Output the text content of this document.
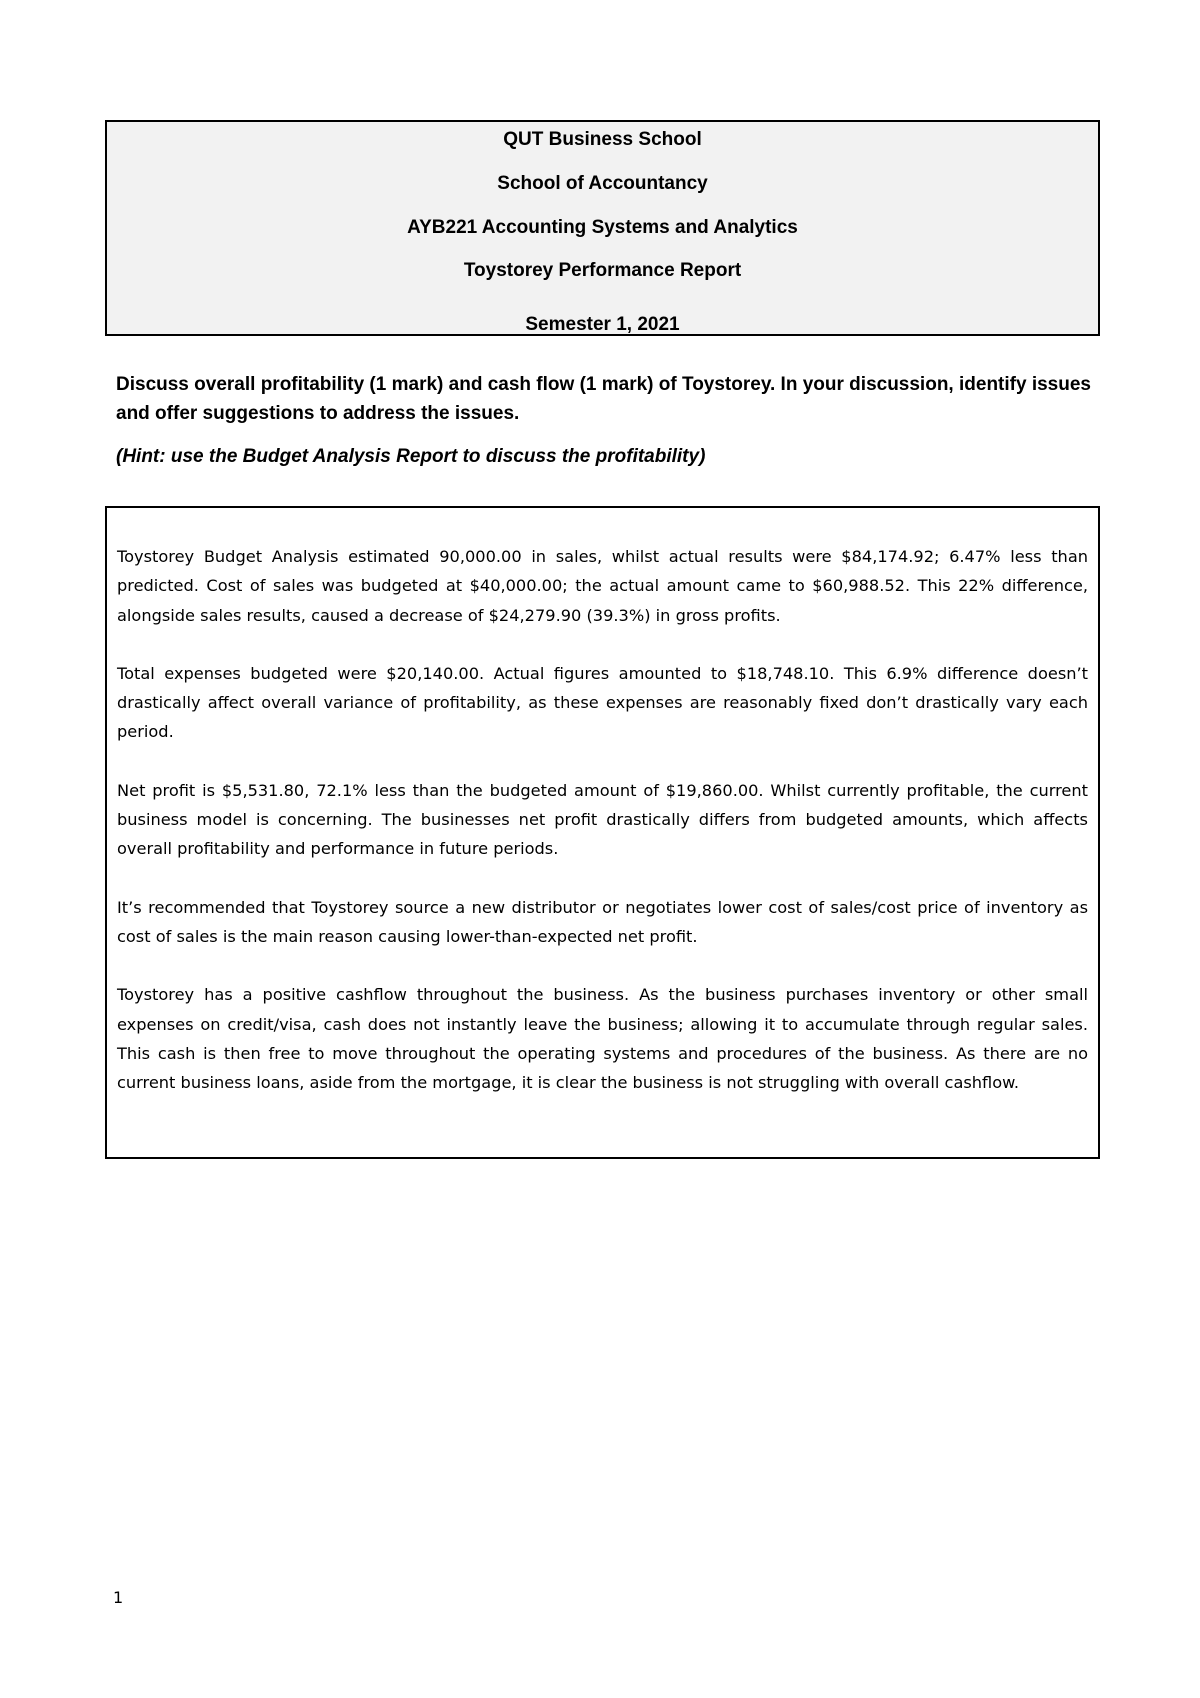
QUT Business School
School of Accountancy
AYB221 Accounting Systems and Analytics
Toystorey Performance Report
Semester 1, 2021

Discuss overall profitability (1 mark) and cash flow (1 mark) of Toystorey. In your discussion, identify issues and offer suggestions to address the issues.

(Hint: use the Budget Analysis Report to discuss the profitability)

Toystorey Budget Analysis estimated 90,000.00 in sales, whilst actual results were $84,174.92; 6.47% less than predicted. Cost of sales was budgeted at $40,000.00; the actual amount came to $60,988.52. This 22% difference, alongside sales results, caused a decrease of $24,279.90 (39.3%) in gross profits.

Total expenses budgeted were $20,140.00. Actual figures amounted to $18,748.10. This 6.9% difference doesn’t drastically affect overall variance of profitability, as these expenses are reasonably fixed don’t drastically vary each period.

Net profit is $5,531.80, 72.1% less than the budgeted amount of $19,860.00. Whilst currently profitable, the current business model is concerning. The businesses net profit drastically differs from budgeted amounts, which affects overall profitability and performance in future periods.

It’s recommended that Toystorey source a new distributor or negotiates lower cost of sales/cost price of inventory as cost of sales is the main reason causing lower-than-expected net profit.

Toystorey has a positive cashflow throughout the business. As the business purchases inventory or other small expenses on credit/visa, cash does not instantly leave the business; allowing it to accumulate through regular sales. This cash is then free to move throughout the operating systems and procedures of the business. As there are no current business loans, aside from the mortgage, it is clear the business is not struggling with overall cashflow.

1
